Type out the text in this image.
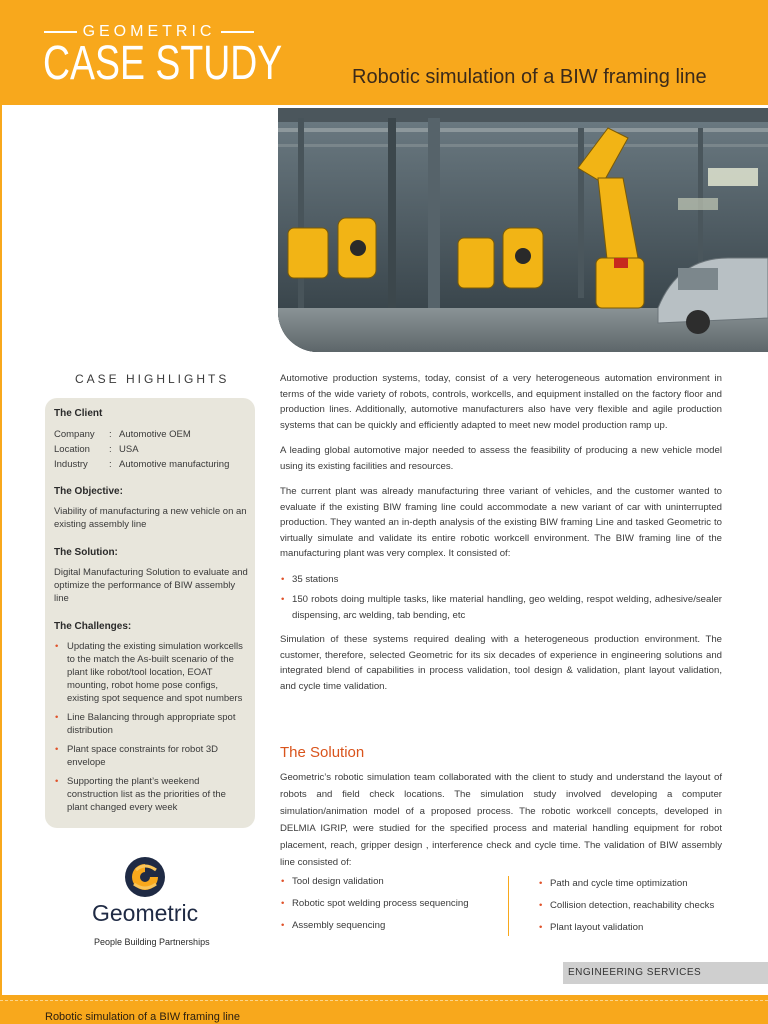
GEOMETRIC
CASE STUDY	Robotic simulation of a BIW framing line
CASE HIGHLIGHTS
The Client
Company	: Automotive OEM
Location	: USA
Industry	: Automotive manufacturing
The Objective:

Viability of manufacturing a new vehicle on an existing assembly line

The Solution:

Digital Manufacturing Solution to evaluate and optimize the performance of BIW assembly line

The Challenges:
• Updating the existing simulation workcells to the match the As-built scenario of the plant like robot/tool location, EOAT mounting, robot home pose configs, existing spot sequence and spot numbers
• Line Balancing through appropriate spot distribution
• Plant space constraints for robot 3D envelope
• Supporting the plant’s weekend construction list as the priorities of the plant changed every week
Geometric
People Building Partnerships

Automotive production systems, today, consist of a very heterogeneous automation environment in terms of the wide variety of robots, controls, workcells, and equipment installed on the factory floor and production lines. Additionally, automotive manufacturers also have very flexible and agile production systems that can be quickly and efficiently adapted to meet new model production ramp up.

A leading global automotive major needed to assess the feasibility of producing a new vehicle model using its existing facilities and resources.

The current plant was already manufacturing three variant of vehicles, and the customer wanted to evaluate if the existing BIW framing line could accommodate a new variant of car with uninterrupted production. They wanted an in-depth analysis of the existing BIW framing Line and tasked Geometric to virtually simulate and validate its entire robotic workcell environment. The BIW framing line of the manufacturing plant was very complex. It consisted of:

• 35 stations
• 150 robots doing multiple tasks, like material handling, geo welding, respot welding, adhesive/sealer dispensing, arc welding, tab bending, etc

Simulation of these systems required dealing with a heterogeneous production environment. The customer, therefore, selected Geometric for its six decades of experience in engineering solutions and integrated blend of capabilities in process validation, tool design & validation, plant layout validation, and cycle time validation.

The Solution

Geometric’s robotic simulation team collaborated with the client to study and understand the layout of robots and field check locations. The simulation study involved developing a computer simulation/animation model of a proposed process. The robotic workcell concepts, developed in DELMIA IGRIP, were studied for the specified process and material handling equipment for robot placement, reach, gripper design , interference check and cycle time. The validation of BIW assembly line consisted of:

• Tool design validation
• Robotic spot welding process sequencing
• Assembly sequencing
• Path and cycle time optimization
• Collision detection, reachability checks
• Plant layout validation
ENGINEERING SERVICES
Robotic simulation of a BIW framing line
